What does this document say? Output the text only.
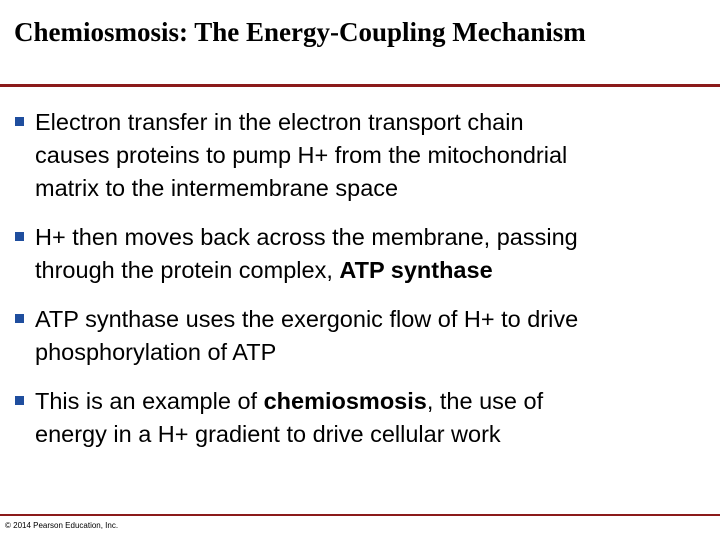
Chemiosmosis: The Energy-Coupling Mechanism
Electron transfer in the electron transport chain
causes proteins to pump H+ from the mitochondrial
matrix to the intermembrane space
H+ then moves back across the membrane, passing
through the protein complex, ATP synthase
ATP synthase uses the exergonic flow of H+ to drive
phosphorylation of ATP
This is an example of chemiosmosis, the use of
energy in a H+ gradient to drive cellular work
© 2014 Pearson Education, Inc.
